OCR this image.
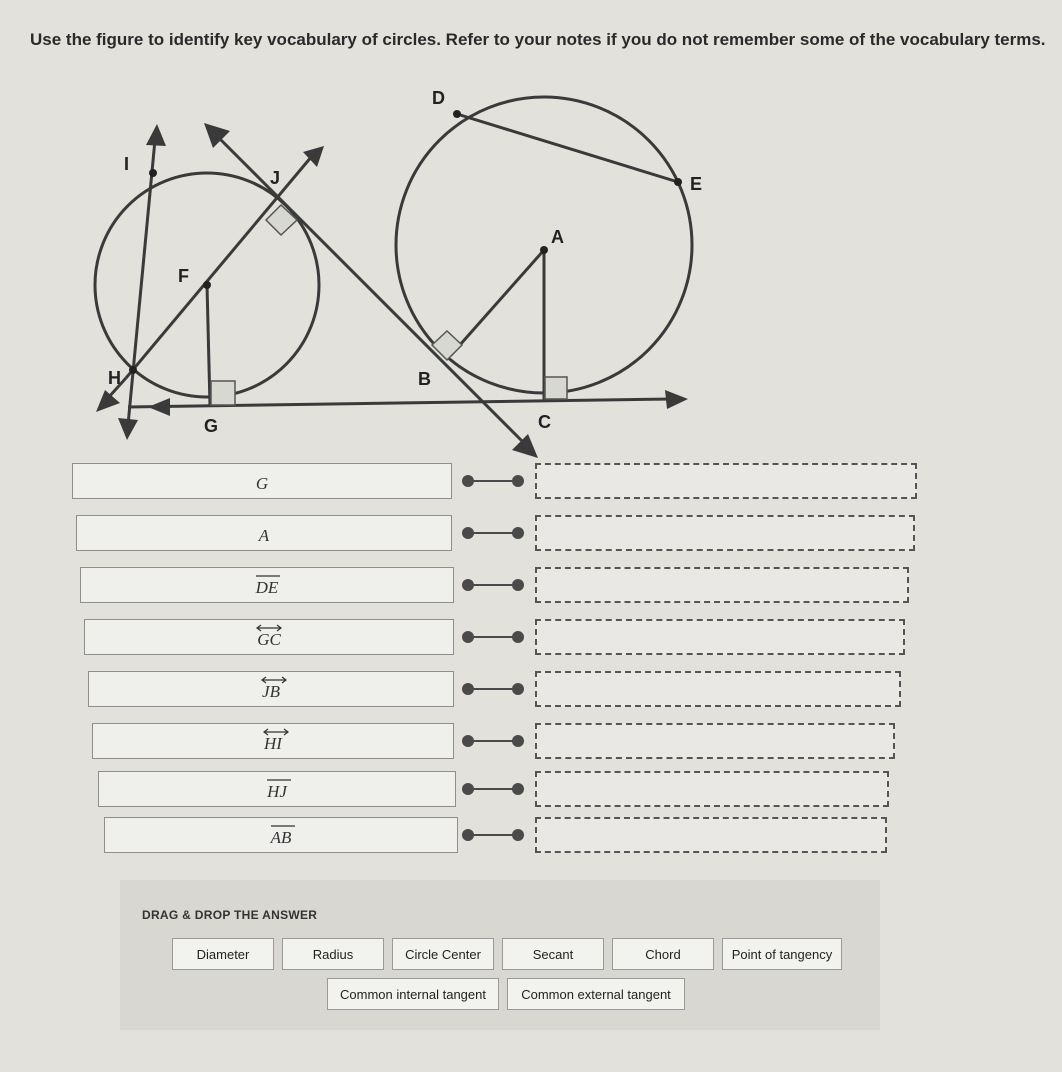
Use the figure to identify key vocabulary of circles. Refer to your notes if you do not remember some of the vocabulary terms.
D
E
A
B
C
I
J
F
H
G
G
A
DE
GC
JB
HI
HJ
AB
DRAG & DROP THE ANSWER
Diameter	Radius	Circle Center	Secant	Chord	Point of tangency
Common internal tangent	Common external tangent
